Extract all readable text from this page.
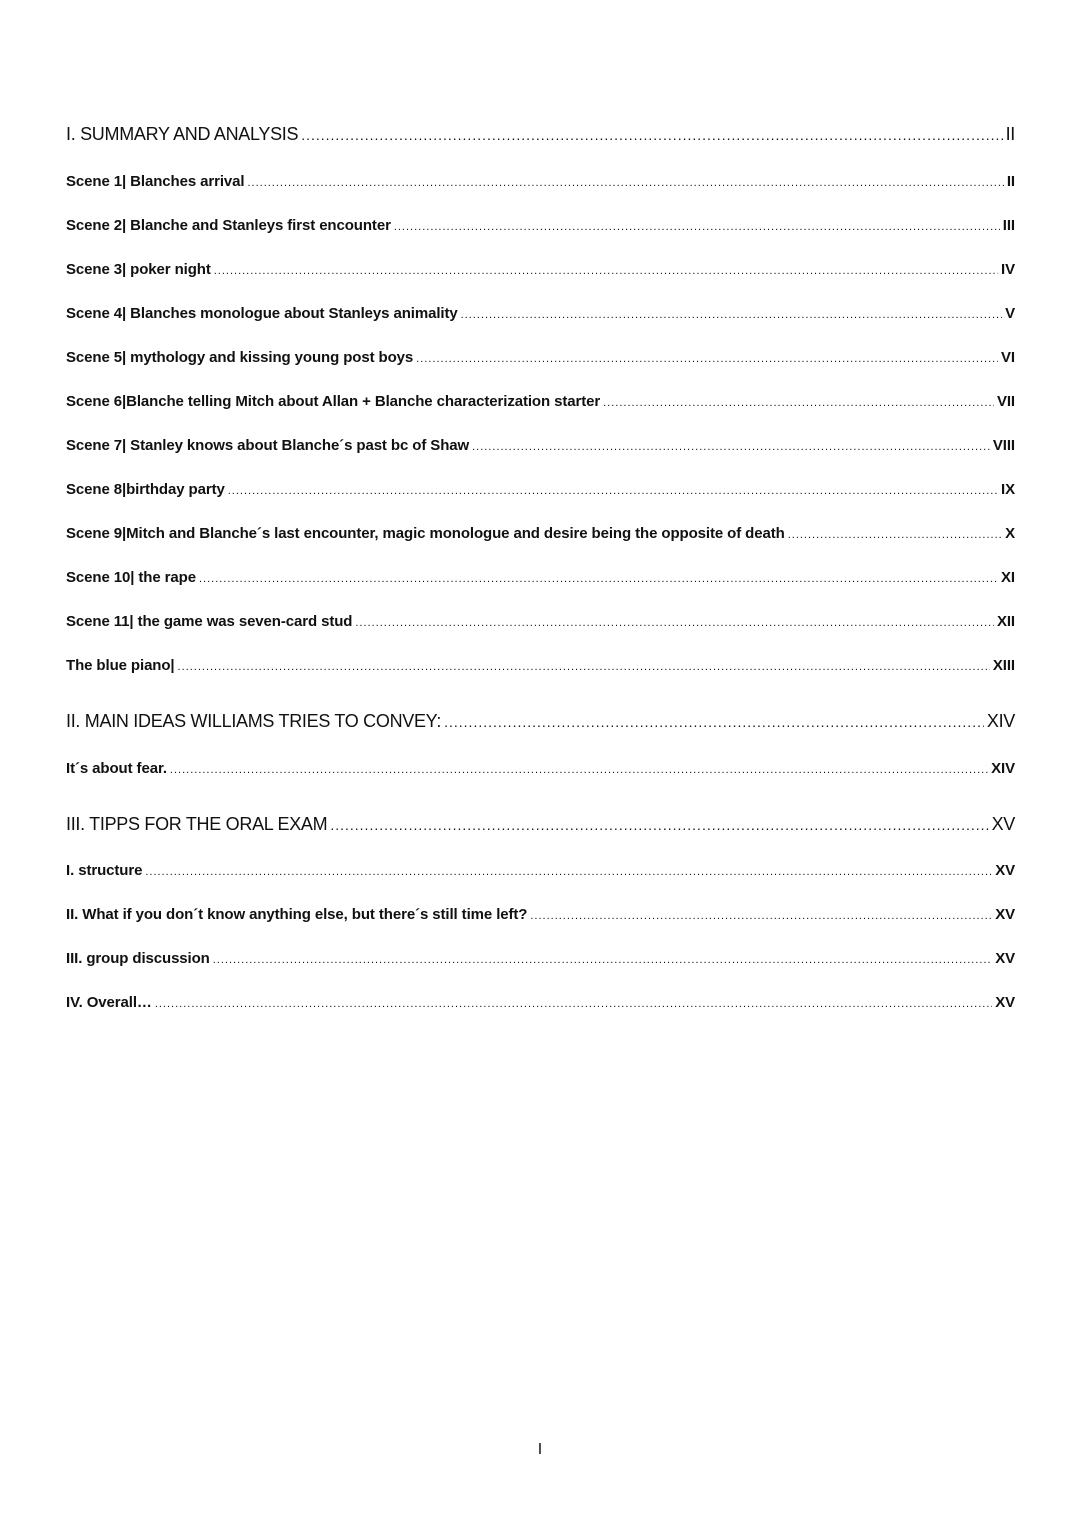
I. SUMMARY AND ANALYSIS .....	II
Scene 1| Blanches arrival .....	II
Scene 2| Blanche and Stanleys first encounter .....	III
Scene 3| poker night .....	IV
Scene 4| Blanches monologue about Stanleys animality .....	V
Scene 5| mythology and kissing young post boys .....	VI
Scene 6|Blanche telling Mitch about Allan + Blanche characterization starter .....	VII
Scene 7| Stanley knows about Blanche´s past bc of Shaw .....	VIII
Scene 8|birthday party .....	IX
Scene 9|Mitch and Blanche´s last encounter, magic monologue and desire being the opposite of death .....	X
Scene 10| the rape .....	XI
Scene 11| the game was seven-card stud .....	XII
The blue piano| .....	XIII
II. MAIN IDEAS WILLIAMS TRIES TO CONVEY: .....	XIV
It´s about fear. .....	XIV
III. TIPPS FOR THE ORAL EXAM .....	XV
I. structure .....	XV
II. What if you don´t know anything else, but there´s still time left? .....	XV
III. group discussion .....	XV
IV. Overall… .....	XV
I
